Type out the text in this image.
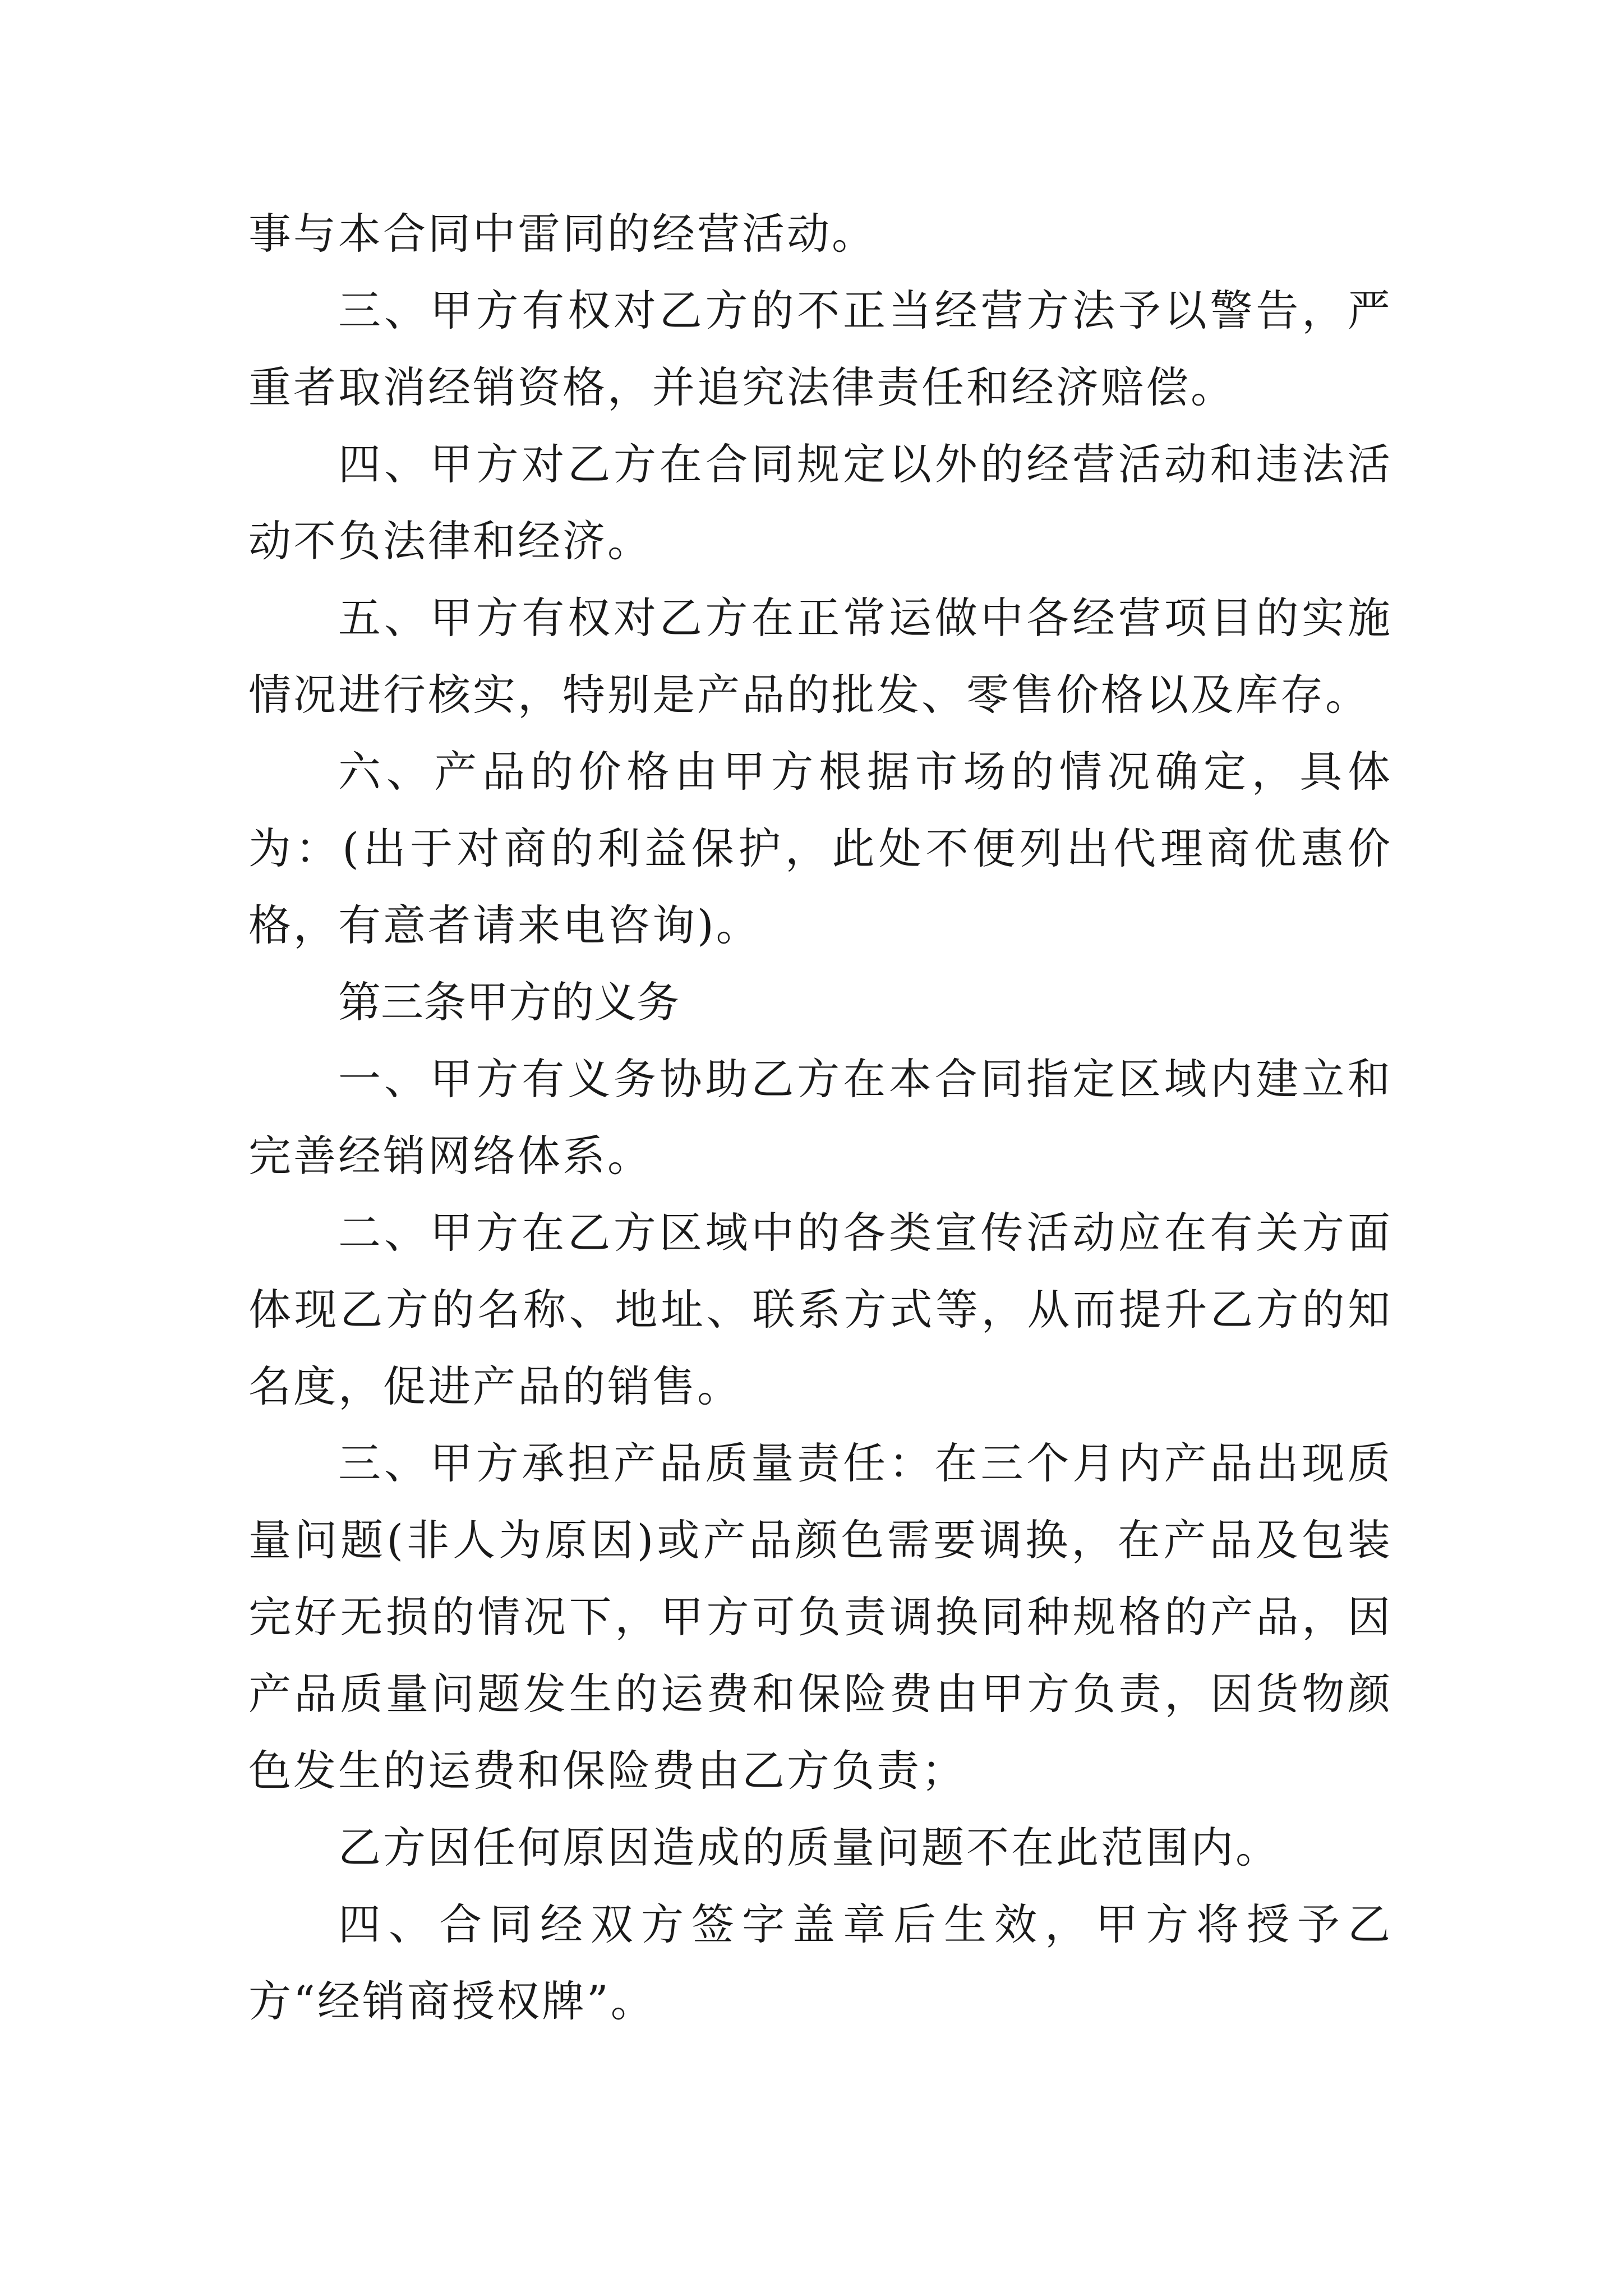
事与本合同中雷同的经营活动。

三、甲方有权对乙方的不正当经营方法予以警告，严重者取消经销资格，并追究法律责任和经济赔偿。

四、甲方对乙方在合同规定以外的经营活动和违法活动不负法律和经济。

五、甲方有权对乙方在正常运做中各经营项目的实施情况进行核实，特别是产品的批发、零售价格以及库存。

六、产品的价格由甲方根据市场的情况确定，具体为：(出于对商的利益保护，此处不便列出代理商优惠价格，有意者请来电咨询)。

第三条甲方的义务

一、甲方有义务协助乙方在本合同指定区域内建立和完善经销网络体系。

二、甲方在乙方区域中的各类宣传活动应在有关方面体现乙方的名称、地址、联系方式等，从而提升乙方的知名度，促进产品的销售。

三、甲方承担产品质量责任：在三个月内产品出现质量问题(非人为原因)或产品颜色需要调换，在产品及包装完好无损的情况下，甲方可负责调换同种规格的产品，因产品质量问题发生的运费和保险费由甲方负责，因货物颜色发生的运费和保险费由乙方负责；

乙方因任何原因造成的质量问题不在此范围内。

四、合同经双方签字盖章后生效，甲方将授予乙方“经销商授权牌”。
